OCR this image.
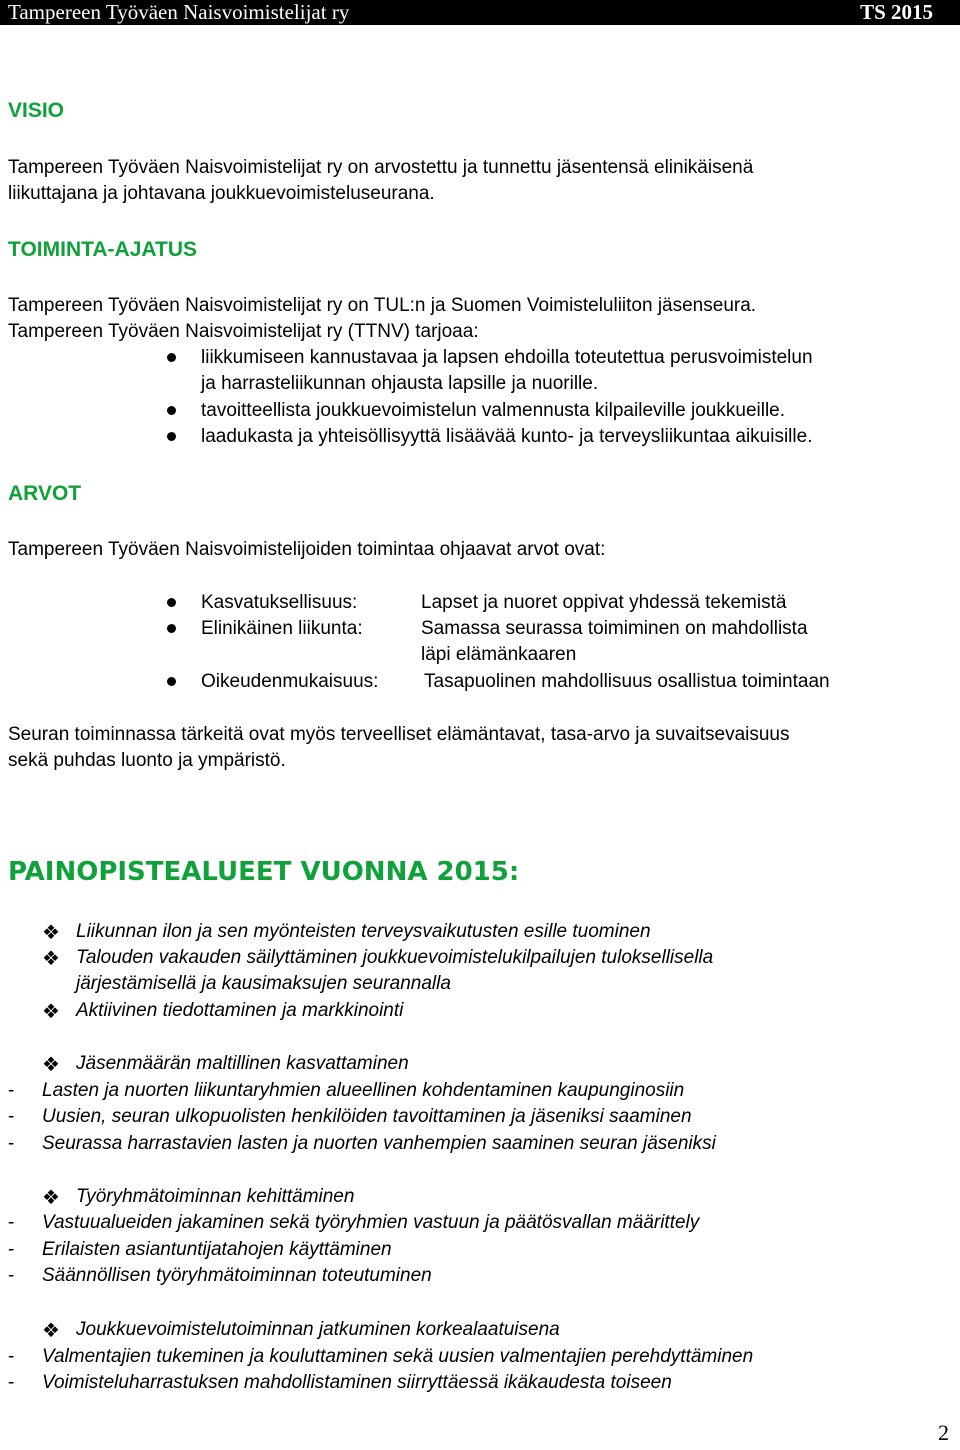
Tampereen Työväen Naisvoimistelijat ry	TS 2015
VISIO
Tampereen Työväen Naisvoimistelijat ry on arvostettu ja tunnettu jäsentensä elinikäisenä
liikuttajana ja johtavana joukkuevoimisteluseurana.
TOIMINTA-AJATUS
Tampereen Työväen Naisvoimistelijat ry on TUL:n ja Suomen Voimisteluliiton jäsenseura.
Tampereen Työväen Naisvoimistelijat ry (TTNV) tarjoaa:
liikkumiseen kannustavaa ja lapsen ehdoilla toteutettua perusvoimistelun
ja harrasteliikunnan ohjausta lapsille ja nuorille.
tavoitteellista joukkuevoimistelun valmennusta kilpaileville joukkueille.
laadukasta ja yhteisöllisyyttä lisäävää kunto- ja terveysliikuntaa aikuisille.
ARVOT
Tampereen Työväen Naisvoimistelijoiden toimintaa ohjaavat arvot ovat:
Kasvatuksellisuus:	Lapset ja nuoret oppivat yhdessä tekemistä
Elinikäinen liikunta:	Samassa seurassa toimiminen on mahdollista
läpi elämänkaaren
Oikeudenmukaisuus: Tasapuolinen mahdollisuus osallistua toimintaan
Seuran toiminnassa tärkeitä ovat myös terveelliset elämäntavat, tasa-arvo ja suvaitsevaisuus
sekä puhdas luonto ja ympäristö.
PAINOPISTEALUEET VUONNA 2015:
❖ Liikunnan ilon ja sen myönteisten terveysvaikutusten esille tuominen
❖ Talouden vakauden säilyttäminen joukkuevoimistelukilpailujen tuloksellisella
järjestämisellä ja kausimaksujen seurannalla
❖ Aktiivinen tiedottaminen ja markkinointi
❖ Jäsenmäärän maltillinen kasvattaminen
- Lasten ja nuorten liikuntaryhmien alueellinen kohdentaminen kaupunginosiin
- Uusien, seuran ulkopuolisten henkilöiden tavoittaminen ja jäseniksi saaminen
- Seurassa harrastavien lasten ja nuorten vanhempien saaminen seuran jäseniksi
❖ Työryhmätoiminnan kehittäminen
- Vastuualueiden jakaminen sekä työryhmien vastuun ja päätösvallan määrittely
- Erilaisten asiantuntijatahojen käyttäminen
- Säännöllisen työryhmätoiminnan toteutuminen
❖ Joukkuevoimistelutoiminnan jatkuminen korkealaatuisena
- Valmentajien tukeminen ja kouluttaminen sekä uusien valmentajien perehdyttäminen
- Voimisteluharrastuksen mahdollistaminen siirryttäessä ikäkaudesta toiseen
2
